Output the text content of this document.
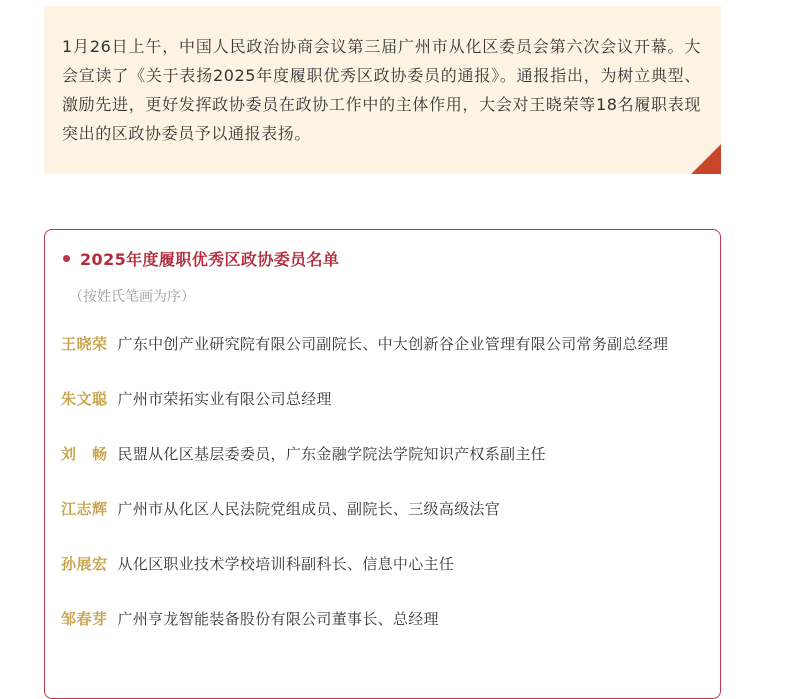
1月26日上午，中国人民政治协商会议第三届广州市从化区委员会第六次会议开幕。大会宣读了《关于表扬2025年度履职优秀区政协委员的通报》。通报指出，为树立典型、激励先进，更好发挥政协委员在政协工作中的主体作用，大会对王晓荣等18名履职表现突出的区政协委员予以通报表扬。

2025年度履职优秀区政协委员名单
（按姓氏笔画为序）
王晓荣 广东中创产业研究院有限公司副院长、中大创新谷企业管理有限公司常务副总经理
朱文聪 广州市荣拓实业有限公司总经理
刘　畅 民盟从化区基层委委员，广东金融学院法学院知识产权系副主任
江志辉 广州市从化区人民法院党组成员、副院长、三级高级法官
孙展宏 从化区职业技术学校培训科副科长、信息中心主任
邹春芽 广州亨龙智能装备股份有限公司董事长、总经理
